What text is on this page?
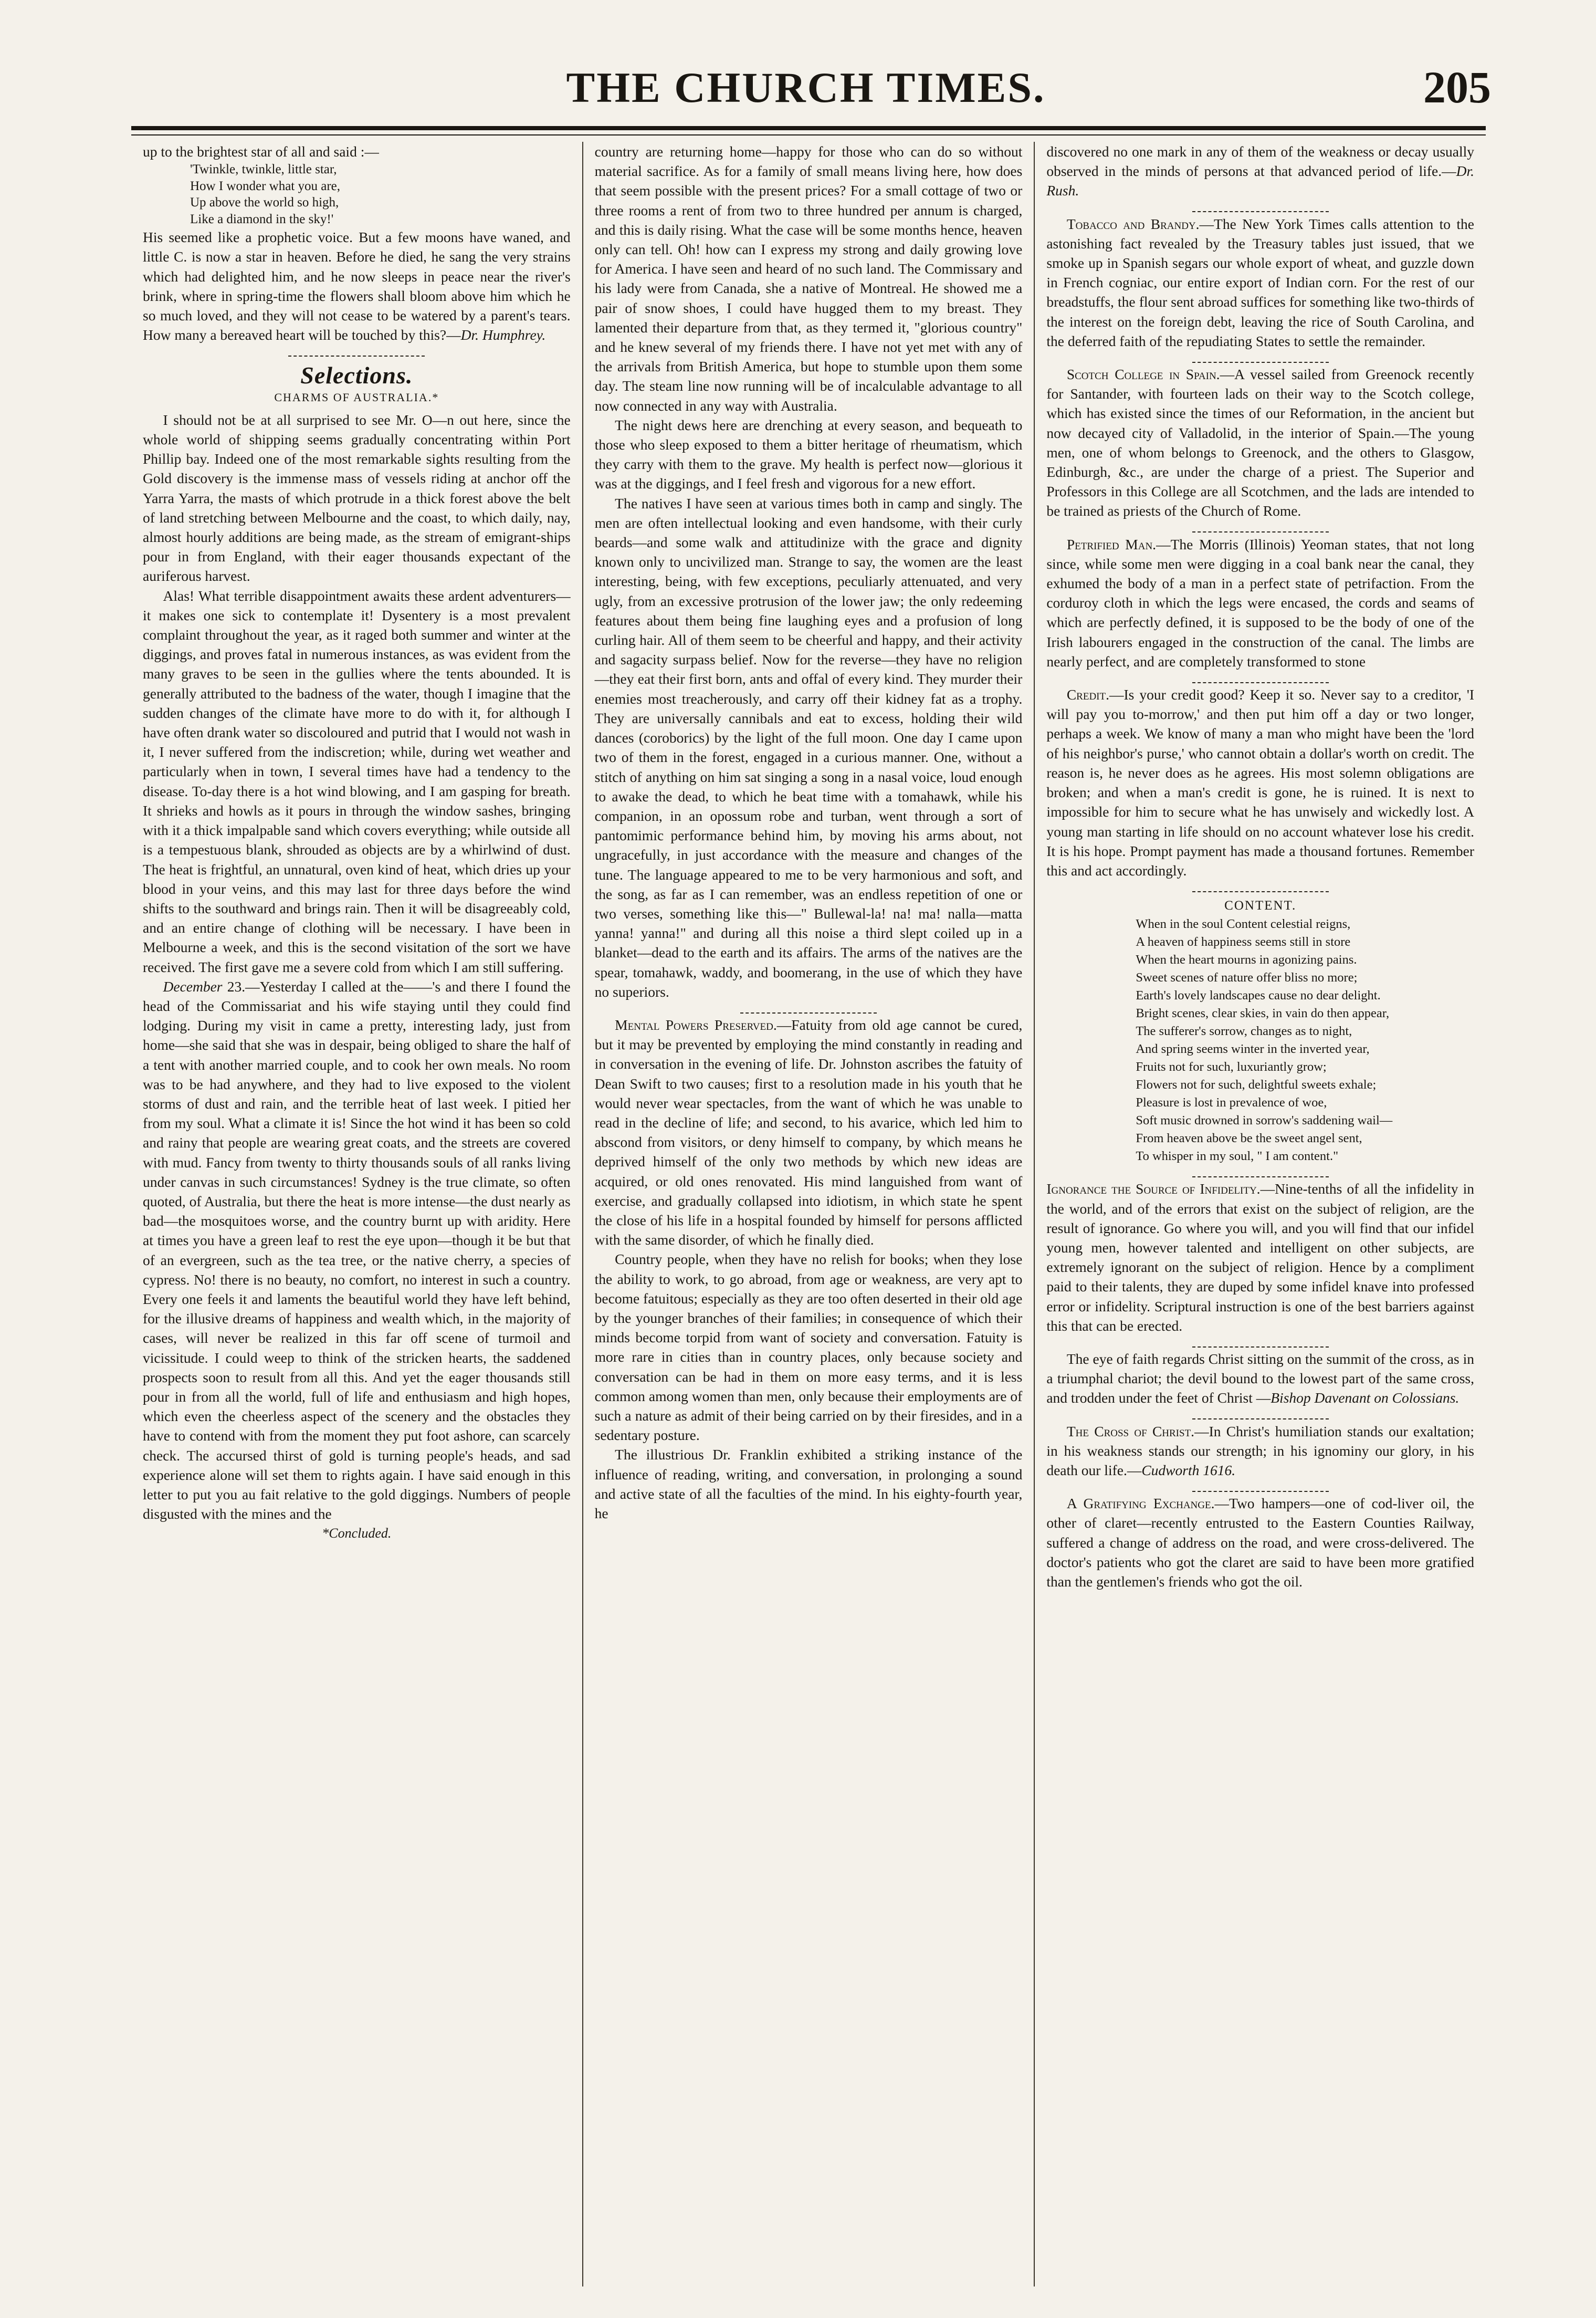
THE CHURCH TIMES.	205

up to the brightest star of all and said :—

'Twinkle, twinkle, little star,
How I wonder what you are,
Up above the world so high,
Like a diamond in the sky!'

His seemed like a prophetic voice. But a few moons have waned, and little C. is now a star in heaven. Before he died, he sang the very strains which had delighted him, and he now sleeps in peace near the river's brink, where in spring-time the flowers shall bloom above him which he so much loved, and they will not cease to be watered by a parent's tears. How many a bereaved heart will be touched by this?—Dr. Humphrey.

Selections.
CHARMS OF AUSTRALIA.*

I should not be at all surprised to see Mr. O—n out here, since the whole world of shipping seems gradually concentrating within Port Phillip bay. Indeed one of the most remarkable sights resulting from the Gold discovery is the immense mass of vessels riding at anchor off the Yarra Yarra, the masts of which protrude in a thick forest above the belt of land stretching between Melbourne and the coast, to which daily, nay, almost hourly additions are being made, as the stream of emigrant-ships pour in from England, with their eager thousands expectant of the auriferous harvest.

Alas! What terrible disappointment awaits these ardent adventurers—it makes one sick to contemplate it! Dysentery is a most prevalent complaint throughout the year, as it raged both summer and winter at the diggings, and proves fatal in numerous instances, as was evident from the many graves to be seen in the gullies where the tents abounded. It is generally attributed to the badness of the water, though I imagine that the sudden changes of the climate have more to do with it, for although I have often drank water so discoloured and putrid that I would not wash in it, I never suffered from the indiscretion; while, during wet weather and particularly when in town, I several times have had a tendency to the disease. To-day there is a hot wind blowing, and I am gasping for breath. It shrieks and howls as it pours in through the window sashes, bringing with it a thick impalpable sand which covers everything; while outside all is a tempestuous blank, shrouded as objects are by a whirlwind of dust. The heat is frightful, an unnatural, oven kind of heat, which dries up your blood in your veins, and this may last for three days before the wind shifts to the southward and brings rain. Then it will be disagreeably cold, and an entire change of clothing will be necessary. I have been in Melbourne a week, and this is the second visitation of the sort we have received. The first gave me a severe cold from which I am still suffering.

December 23.—Yesterday I called at the——'s and there I found the head of the Commissariat and his wife staying until they could find lodging. During my visit in came a pretty, interesting lady, just from home—she said that she was in despair, being obliged to share the half of a tent with another married couple, and to cook her own meals. No room was to be had anywhere, and they had to live exposed to the violent storms of dust and rain, and the terrible heat of last week. I pitied her from my soul. What a climate it is! Since the hot wind it has been so cold and rainy that people are wearing great coats, and the streets are covered with mud. Fancy from twenty to thirty thousands souls of all ranks living under canvas in such circumstances! Sydney is the true climate, so often quoted, of Australia, but there the heat is more intense—the dust nearly as bad—the mosquitoes worse, and the country burnt up with aridity. Here at times you have a green leaf to rest the eye upon—though it be but that of an evergreen, such as the tea tree, or the native cherry, a species of cypress. No! there is no beauty, no comfort, no interest in such a country. Every one feels it and laments the beautiful world they have left behind, for the illusive dreams of happiness and wealth which, in the majority of cases, will never be realized in this far off scene of turmoil and vicissitude. I could weep to think of the stricken hearts, the saddened prospects soon to result from all this. And yet the eager thousands still pour in from all the world, full of life and enthusiasm and high hopes, which even the cheerless aspect of the scenery and the obstacles they have to contend with from the moment they put foot ashore, can scarcely check. The accursed thirst of gold is turning people's heads, and sad experience alone will set them to rights again. I have said enough in this letter to put you au fait relative to the gold diggings. Numbers of people disgusted with the mines and the

*Concluded.

country are returning home—happy for those who can do so without material sacrifice. As for a family of small means living here, how does that seem possible with the present prices? For a small cottage of two or three rooms a rent of from two to three hundred per annum is charged, and this is daily rising. What the case will be some months hence, heaven only can tell. Oh! how can I express my strong and daily growing love for America. I have seen and heard of no such land. The Commissary and his lady were from Canada, she a native of Montreal. He showed me a pair of snow shoes, I could have hugged them to my breast. They lamented their departure from that, as they termed it, "glorious country" and he knew several of my friends there. I have not yet met with any of the arrivals from British America, but hope to stumble upon them some day. The steam line now running will be of incalculable advantage to all now connected in any way with Australia.

The night dews here are drenching at every season, and bequeath to those who sleep exposed to them a bitter heritage of rheumatism, which they carry with them to the grave. My health is perfect now—glorious it was at the diggings, and I feel fresh and vigorous for a new effort.

The natives I have seen at various times both in camp and singly. The men are often intellectual looking and even handsome, with their curly beards—and some walk and attitudinize with the grace and dignity known only to uncivilized man. Strange to say, the women are the least interesting, being, with few exceptions, peculiarly attenuated, and very ugly, from an excessive protrusion of the lower jaw; the only redeeming features about them being fine laughing eyes and a profusion of long curling hair. All of them seem to be cheerful and happy, and their activity and sagacity surpass belief. Now for the reverse—they have no religion—they eat their first born, ants and offal of every kind. They murder their enemies most treacherously, and carry off their kidney fat as a trophy. They are universally cannibals and eat to excess, holding their wild dances (coroborics) by the light of the full moon. One day I came upon two of them in the forest, engaged in a curious manner. One, without a stitch of anything on him sat singing a song in a nasal voice, loud enough to awake the dead, to which he beat time with a tomahawk, while his companion, in an opossum robe and turban, went through a sort of pantomimic performance behind him, by moving his arms about, not ungracefully, in just accordance with the measure and changes of the tune. The language appeared to me to be very harmonious and soft, and the song, as far as I can remember, was an endless repetition of one or two verses, something like this—" Bullewal-la! na! ma! nalla—matta yanna! yanna!" and during all this noise a third slept coiled up in a blanket—dead to the earth and its affairs. The arms of the natives are the spear, tomahawk, waddy, and boomerang, in the use of which they have no superiors.

Mental Powers Preserved.—Fatuity from old age cannot be cured, but it may be prevented by employing the mind constantly in reading and in conversation in the evening of life. Dr. Johnston ascribes the fatuity of Dean Swift to two causes; first to a resolution made in his youth that he would never wear spectacles, from the want of which he was unable to read in the decline of life; and second, to his avarice, which led him to abscond from visitors, or deny himself to company, by which means he deprived himself of the only two methods by which new ideas are acquired, or old ones renovated. His mind languished from want of exercise, and gradually collapsed into idiotism, in which state he spent the close of his life in a hospital founded by himself for persons afflicted with the same disorder, of which he finally died.

Country people, when they have no relish for books; when they lose the ability to work, to go abroad, from age or weakness, are very apt to become fatuitous; especially as they are too often deserted in their old age by the younger branches of their families; in consequence of which their minds become torpid from want of society and conversation. Fatuity is more rare in cities than in country places, only because society and conversation can be had in them on more easy terms, and it is less common among women than men, only because their employments are of such a nature as admit of their being carried on by their firesides, and in a sedentary posture.

The illustrious Dr. Franklin exhibited a striking instance of the influence of reading, writing, and conversation, in prolonging a sound and active state of all the faculties of the mind. In his eighty-fourth year, he

discovered no one mark in any of them of the weakness or decay usually observed in the minds of persons at that advanced period of life.—Dr. Rush.

Tobacco and Brandy.—The New York Times calls attention to the astonishing fact revealed by the Treasury tables just issued, that we smoke up in Spanish segars our whole export of wheat, and guzzle down in French cogniac, our entire export of Indian corn. For the rest of our breadstuffs, the flour sent abroad suffices for something like two-thirds of the interest on the foreign debt, leaving the rice of South Carolina, and the deferred faith of the repudiating States to settle the remainder.

Scotch College in Spain.—A vessel sailed from Greenock recently for Santander, with fourteen lads on their way to the Scotch college, which has existed since the times of our Reformation, in the ancient but now decayed city of Valladolid, in the interior of Spain.—The young men, one of whom belongs to Greenock, and the others to Glasgow, Edinburgh, &c., are under the charge of a priest. The Superior and Professors in this College are all Scotchmen, and the lads are intended to be trained as priests of the Church of Rome.

Petrified Man.—The Morris (Illinois) Yeoman states, that not long since, while some men were digging in a coal bank near the canal, they exhumed the body of a man in a perfect state of petrifaction. From the corduroy cloth in which the legs were encased, the cords and seams of which are perfectly defined, it is supposed to be the body of one of the Irish labourers engaged in the construction of the canal. The limbs are nearly perfect, and are completely transformed to stone

Credit.—Is your credit good? Keep it so. Never say to a creditor, 'I will pay you to-morrow,' and then put him off a day or two longer, perhaps a week. We know of many a man who might have been the 'lord of his neighbor's purse,' who cannot obtain a dollar's worth on credit. The reason is, he never does as he agrees. His most solemn obligations are broken; and when a man's credit is gone, he is ruined. It is next to impossible for him to secure what he has unwisely and wickedly lost. A young man starting in life should on no account whatever lose his credit. It is his hope. Prompt payment has made a thousand fortunes. Remember this and act accordingly.

CONTENT.
When in the soul Content celestial reigns,
A heaven of happiness seems still in store
When the heart mourns in agonizing pains.
Sweet scenes of nature offer bliss no more;
Earth's lovely landscapes cause no dear delight.
Bright scenes, clear skies, in vain do then appear,
The sufferer's sorrow, changes as to night,
And spring seems winter in the inverted year,
Fruits not for such, luxuriantly grow;
Flowers not for such, delightful sweets exhale;
Pleasure is lost in prevalence of woe,
Soft music drowned in sorrow's saddening wail—
From heaven above be the sweet angel sent,
To whisper in my soul, " I am content."

Ignorance the Source of Infidelity.—Nine-tenths of all the infidelity in the world, and of the errors that exist on the subject of religion, are the result of ignorance. Go where you will, and you will find that our infidel young men, however talented and intelligent on other subjects, are extremely ignorant on the subject of religion. Hence by a compliment paid to their talents, they are duped by some infidel knave into professed error or infidelity. Scriptural instruction is one of the best barriers against this that can be erected.

The eye of faith regards Christ sitting on the summit of the cross, as in a triumphal chariot; the devil bound to the lowest part of the same cross, and trodden under the feet of Christ —Bishop Davenant on Colossians.

The Cross of Christ.—In Christ's humiliation stands our exaltation; in his weakness stands our strength; in his ignominy our glory, in his death our life.—Cudworth 1616.

A Gratifying Exchange.—Two hampers—one of cod-liver oil, the other of claret—recently entrusted to the Eastern Counties Railway, suffered a change of address on the road, and were cross-delivered. The doctor's patients who got the claret are said to have been more gratified than the gentlemen's friends who got the oil.
